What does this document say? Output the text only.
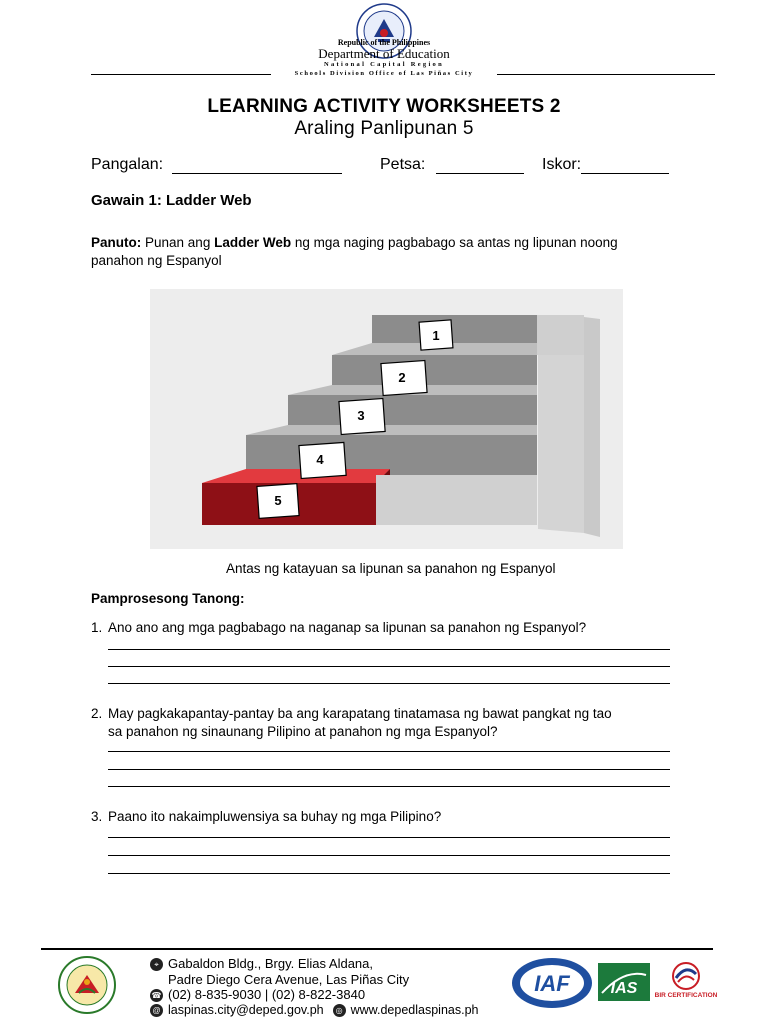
Republic of the Philippines
Department of Education
National Capital Region
Schools Division Office of Las Piñas City
LEARNING ACTIVITY WORKSHEETS 2
Araling Panlipunan 5
Pangalan:	Petsa:	Iskor:
Gawain 1: Ladder Web
Panuto: Punan ang Ladder Web ng mga naging pagbabago sa antas ng lipunan noong panahon ng Espanyol
1
2
3
4
5
Antas ng katayuan sa lipunan sa panahon ng Espanyol
Pamprosesong Tanong:
1. Ano ano ang mga pagbabago na naganap sa lipunan sa panahon ng Espanyol?
2. May pagkakapantay-pantay ba ang karapatang tinatamasa ng bawat pangkat ng tao
sa panahon ng sinaunang Pilipino at panahon ng mga Espanyol?
3. Paano ito nakaimpluwensiya sa buhay ng mga Pilipino?
⌖ Gabaldon Bldg., Brgy. Elias Aldana,
Padre Diego Cera Avenue, Las Piñas City
☎ (02) 8-835-9030 | (02) 8-822-3840
@ laspinas.city@deped.gov.ph ◎ www.depedlaspinas.ph
IAF	IAS	BIR CERTIFICATION
